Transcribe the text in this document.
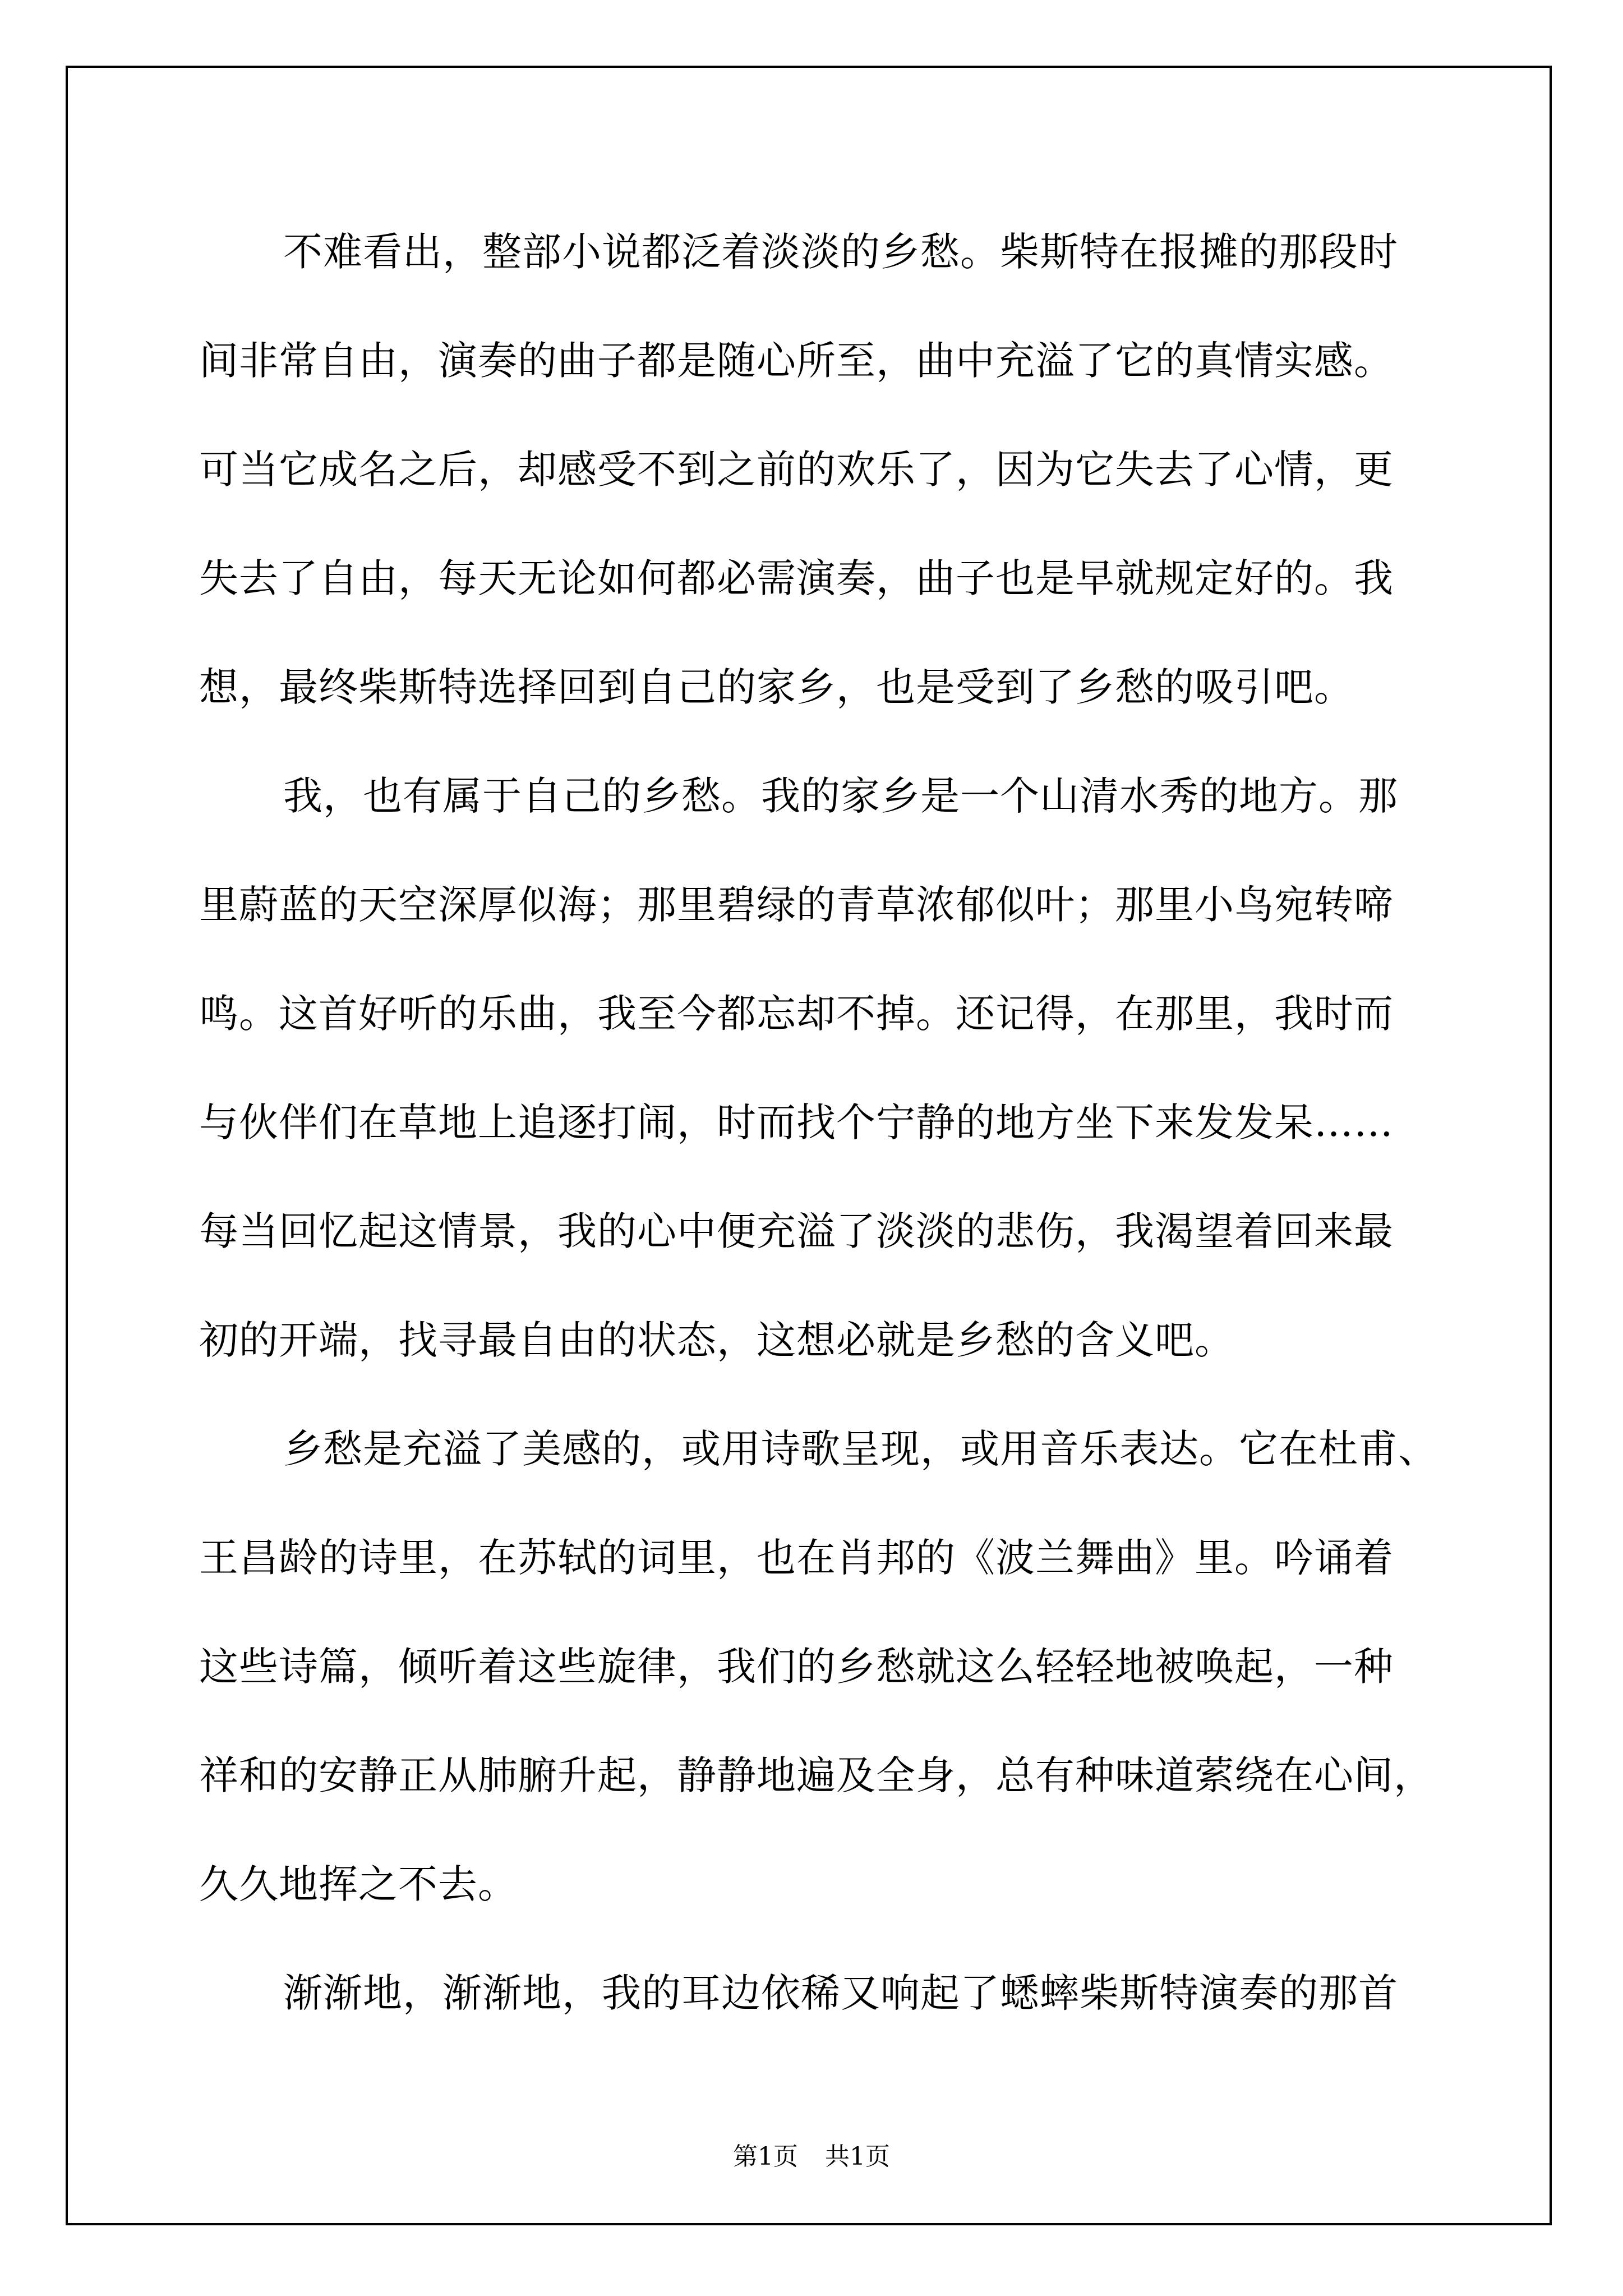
不难看出，整部小说都泛着淡淡的乡愁。柴斯特在报摊的那段时
间非常自由，演奏的曲子都是随心所至，曲中充溢了它的真情实感。
可当它成名之后，却感受不到之前的欢乐了，因为它失去了心情，更
失去了自由，每天无论如何都必需演奏，曲子也是早就规定好的。我
想，最终柴斯特选择回到自己的家乡，也是受到了乡愁的吸引吧。
我，也有属于自己的乡愁。我的家乡是一个山清水秀的地方。那
里蔚蓝的天空深厚似海；那里碧绿的青草浓郁似叶；那里小鸟宛转啼
鸣。这首好听的乐曲，我至今都忘却不掉。还记得，在那里，我时而
与伙伴们在草地上追逐打闹，时而找个宁静的地方坐下来发发呆……
每当回忆起这情景，我的心中便充溢了淡淡的悲伤，我渴望着回来最
初的开端，找寻最自由的状态，这想必就是乡愁的含义吧。
乡愁是充溢了美感的，或用诗歌呈现，或用音乐表达。它在杜甫、
王昌龄的诗里，在苏轼的词里，也在肖邦的《波兰舞曲》里。吟诵着
这些诗篇，倾听着这些旋律，我们的乡愁就这么轻轻地被唤起，一种
祥和的安静正从肺腑升起，静静地遍及全身，总有种味道萦绕在心间，
久久地挥之不去。
渐渐地，渐渐地，我的耳边依稀又响起了蟋蟀柴斯特演奏的那首
第1页 共1页
